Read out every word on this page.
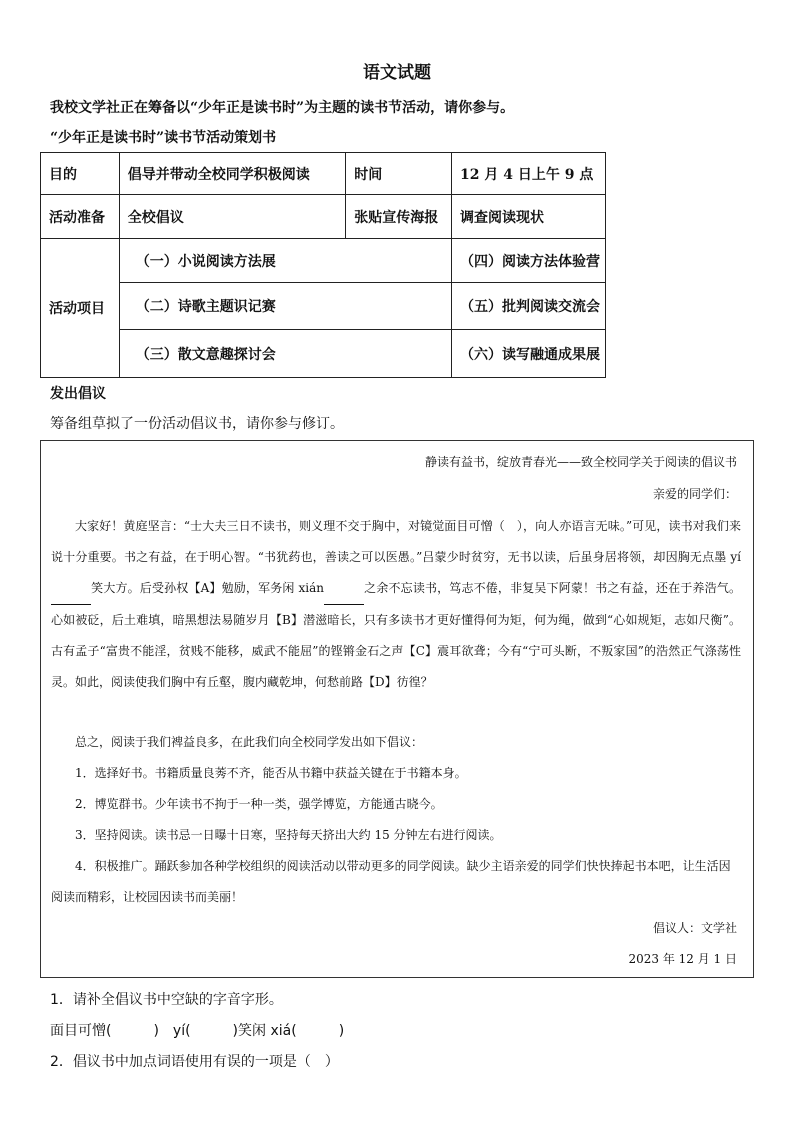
语文试题
我校文学社正在筹备以“少年正是读书时”为主题的读书节活动，请你参与。
“少年正是读书时”读书节活动策划书
目的	倡导并带动全校同学积极阅读	时间	12 月 4 日上午 9 点
活动准备	全校倡议	张贴宣传海报	调查阅读现状
活动项目	（一）小说阅读方法展		（四）阅读方法体验营
	（二）诗歌主题识记赛		（五）批判阅读交流会
	（三）散文意趣探讨会		（六）读写融通成果展
发出倡议
筹备组草拟了一份活动倡议书，请你参与修订。
静读有益书，绽放青春光——致全校同学关于阅读的倡议书
亲爱的同学们：
大家好！黄庭坚言：“士大夫三日不读书，则义理不交于胸中，对镜觉面目可憎（　），向人亦语言无味。”可见，读书对我们来说十分重要。书之有益，在于明心智。“书犹药也，善读之可以医愚。”吕蒙少时贫穷，无书以读，后虽身居将领，却因胸无点墨 yí笑大方。后受孙权【A】勉励，军务闲 xián	之余不忘读书，笃志不倦，非复吴下阿蒙！书之有益，还在于养浩气。心如被砭，后土难填，暗黑想法易随岁月【B】潜滋暗长，只有多读书才更好懂得何为矩，何为绳，做到“心如规矩，志如尺衡”。古有孟子“富贵不能淫，贫贱不能移，威武不能屈”的铿锵金石之声【C】震耳欲聋；今有“宁可头断，不叛家国”的浩然正气涤荡性灵。如此，阅读使我们胸中有丘壑，腹内藏乾坤，何愁前路【D】彷徨？
总之，阅读于我们裨益良多，在此我们向全校同学发出如下倡议：
1．选择好书。书籍质量良莠不齐，能否从书籍中获益关键在于书籍本身。
2．博览群书。少年读书不拘于一种一类，强学博览，方能通古晓今。
3．坚持阅读。读书忌一日曝十日寒，坚持每天挤出大约 15 分钟左右进行阅读。
4．积极推广。踊跃参加各种学校组织的阅读活动以带动更多的同学阅读。缺少主语亲爱的同学们快快捧起书本吧，让生活因阅读而精彩，让校园因读书而美丽！
倡议人：文学社
2023 年 12 月 1 日
1．请补全倡议书中空缺的字音字形。
面目可憎(　　　)　yí(　　　)笑闲 xiá(　　　)
2．倡议书中加点词语使用有误的一项是（　）
